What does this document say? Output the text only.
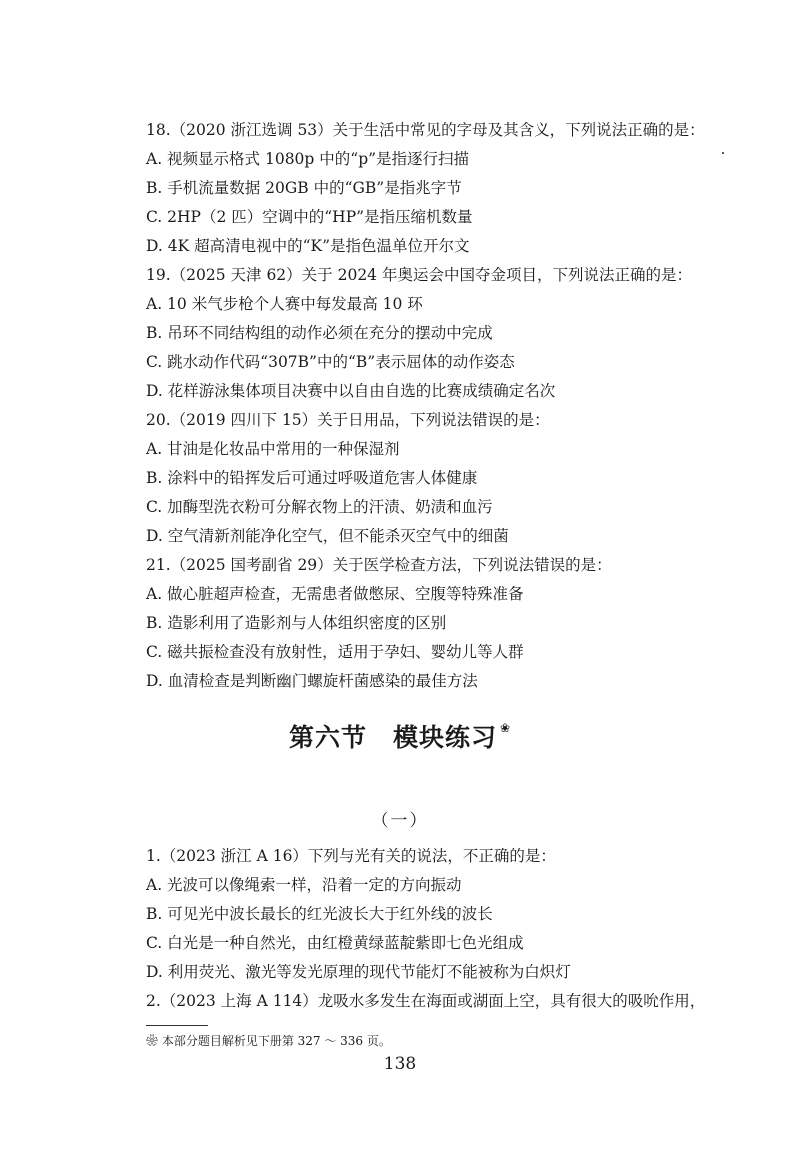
18.（2020 浙江选调 53）关于生活中常见的字母及其含义，下列说法正确的是：
A. 视频显示格式 1080p 中的“p”是指逐行扫描
B. 手机流量数据 20GB 中的“GB”是指兆字节
C. 2HP（2 匹）空调中的“HP”是指压缩机数量
D. 4K 超高清电视中的“K”是指色温单位开尔文
19.（2025 天津 62）关于 2024 年奥运会中国夺金项目，下列说法正确的是：
A. 10 米气步枪个人赛中每发最高 10 环
B. 吊环不同结构组的动作必须在充分的摆动中完成
C. 跳水动作代码“307B”中的“B”表示屈体的动作姿态
D. 花样游泳集体项目决赛中以自由自选的比赛成绩确定名次
20.（2019 四川下 15）关于日用品，下列说法错误的是：
A. 甘油是化妆品中常用的一种保湿剂
B. 涂料中的铅挥发后可通过呼吸道危害人体健康
C. 加酶型洗衣粉可分解衣物上的汗渍、奶渍和血污
D. 空气清新剂能净化空气，但不能杀灭空气中的细菌
21.（2025 国考副省 29）关于医学检查方法，下列说法错误的是：
A. 做心脏超声检查，无需患者做憋尿、空腹等特殊准备
B. 造影利用了造影剂与人体组织密度的区别
C. 磁共振检查没有放射性，适用于孕妇、婴幼儿等人群
D. 血清检查是判断幽门螺旋杆菌感染的最佳方法
第六节 模块练习 ❀
（一）
1.（2023 浙江 A 16）下列与光有关的说法，不正确的是：
A. 光波可以像绳索一样，沿着一定的方向振动
B. 可见光中波长最长的红光波长大于红外线的波长
C. 白光是一种自然光，由红橙黄绿蓝靛紫即七色光组成
D. 利用荧光、激光等发光原理的现代节能灯不能被称为白炽灯
2.（2023 上海 A 114）龙吸水多发生在海面或湖面上空，具有很大的吸吮作用，
❀ 本部分题目解析见下册第 327 ～ 336 页。
138
